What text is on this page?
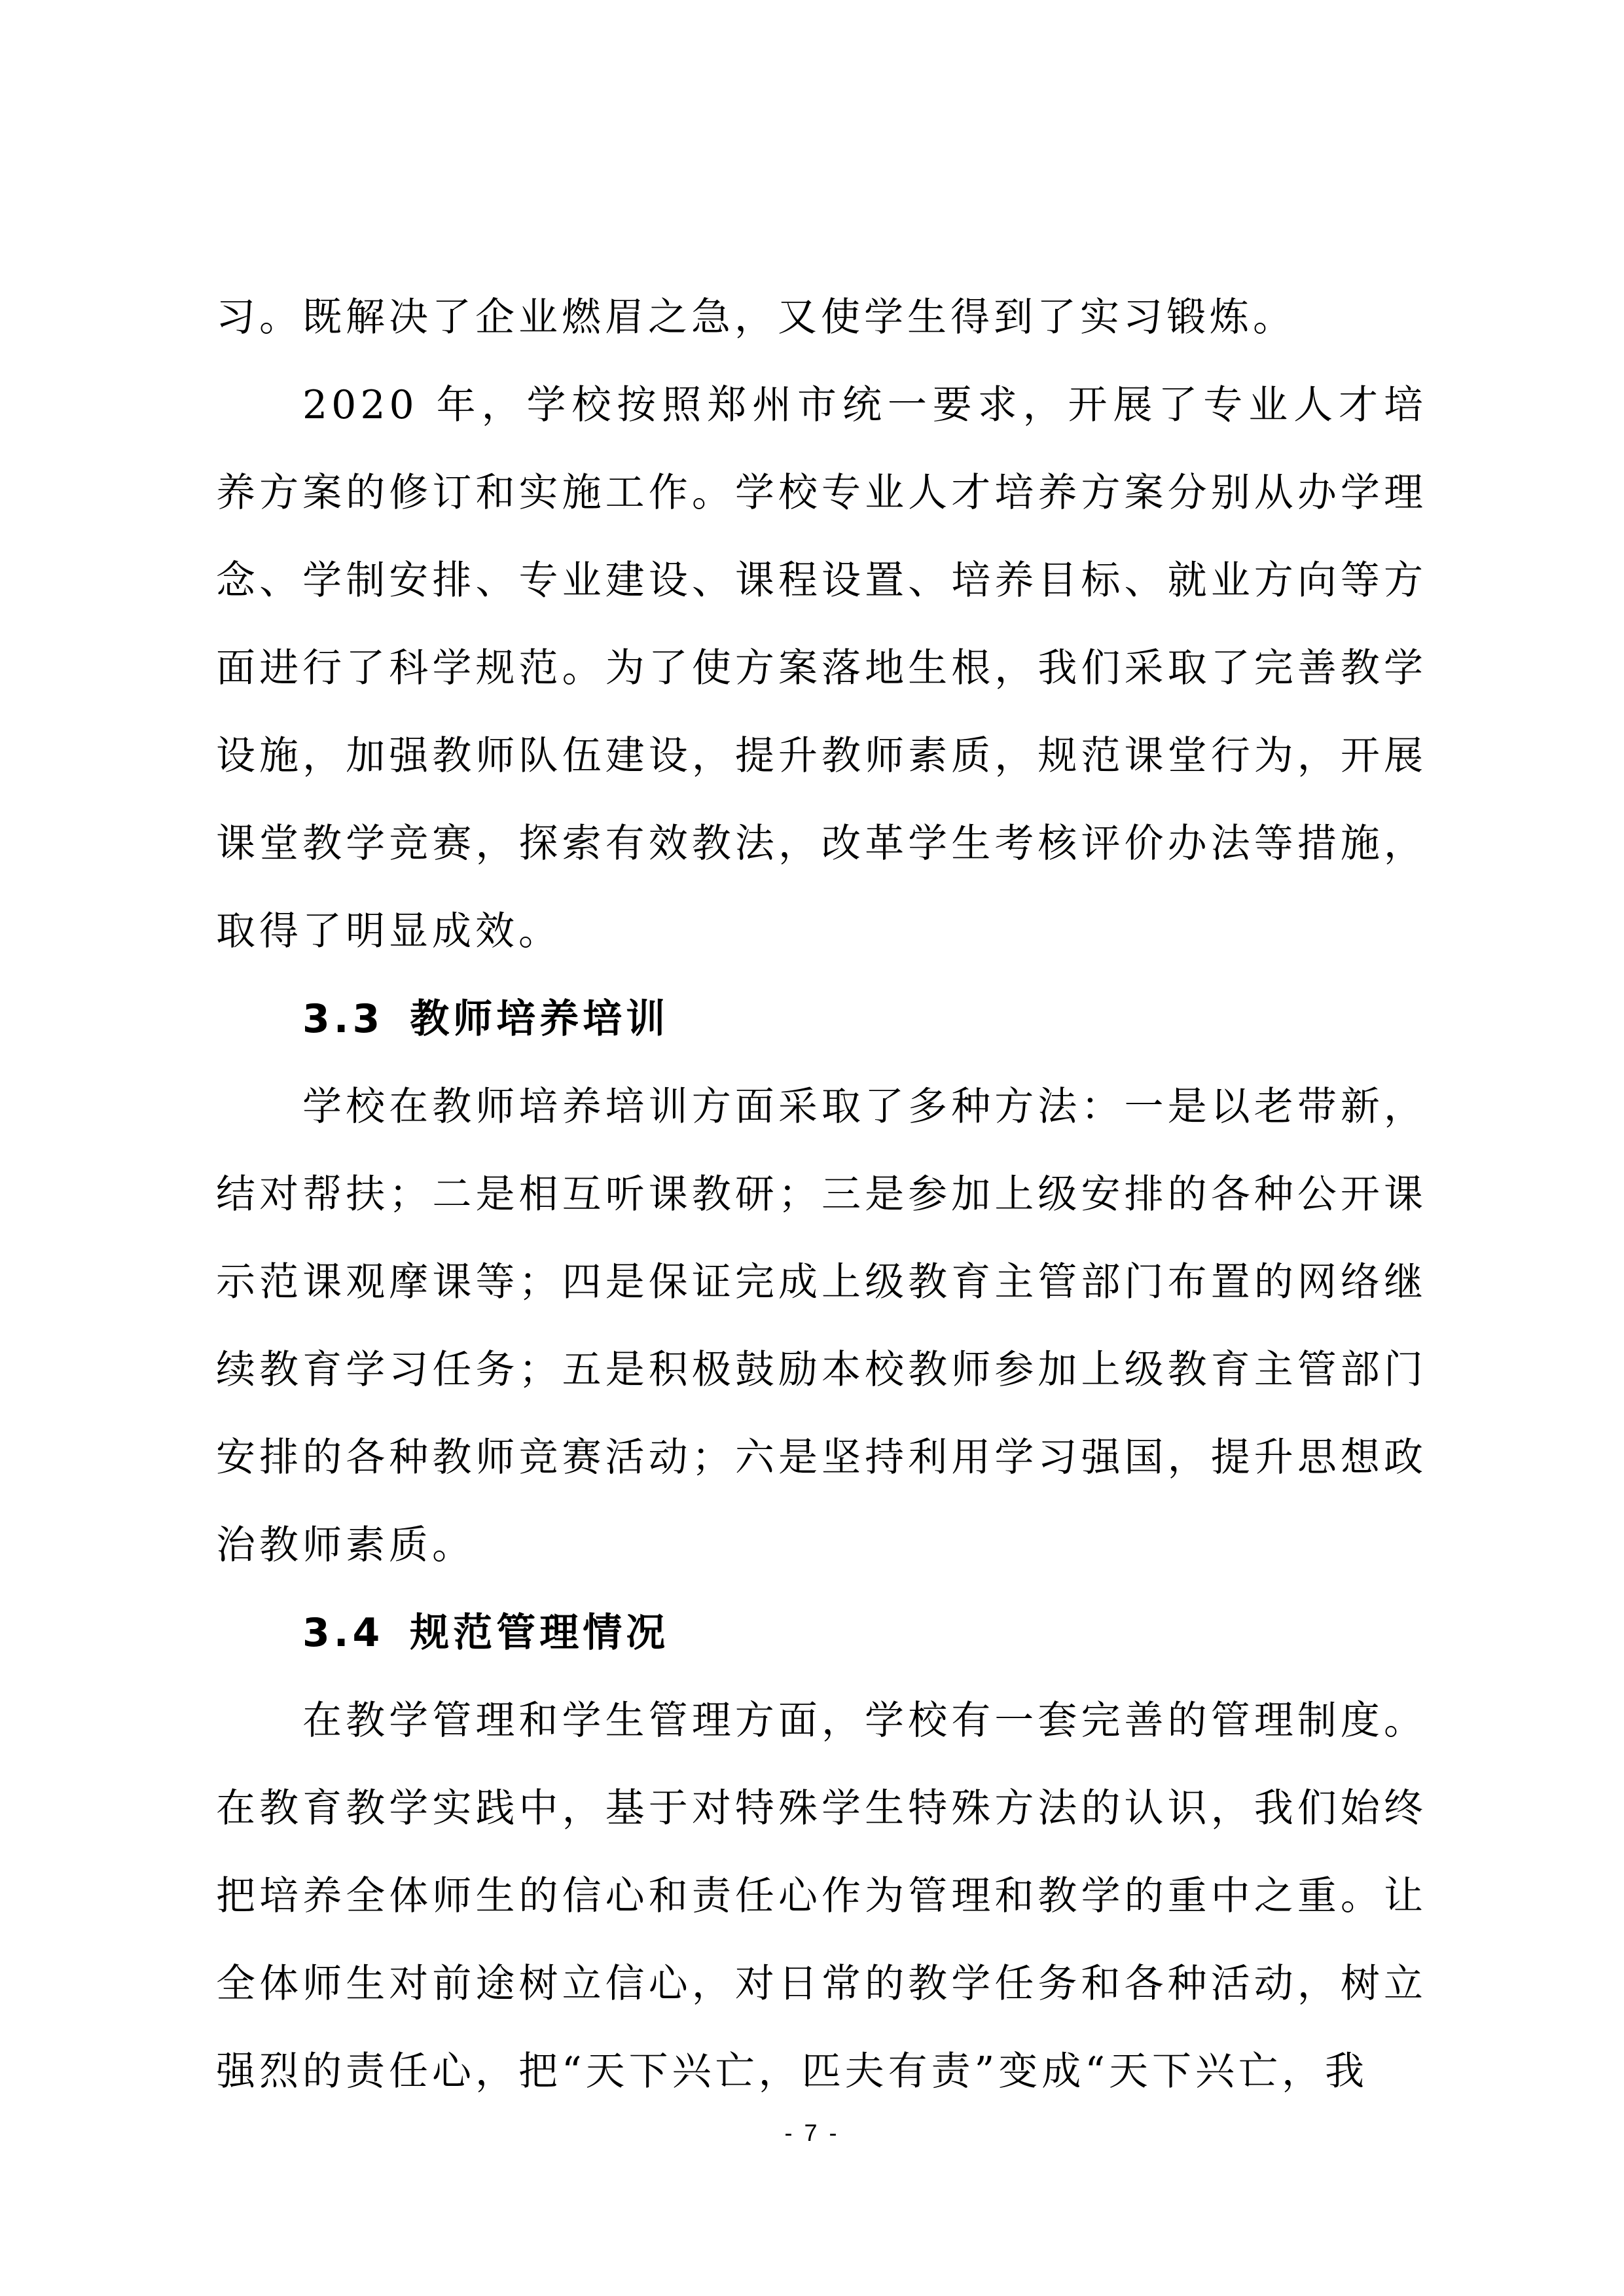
习。既解决了企业燃眉之急，又使学生得到了实习锻炼。

2020 年，学校按照郑州市统一要求，开展了专业人才培养方案的修订和实施工作。学校专业人才培养方案分别从办学理念、学制安排、专业建设、课程设置、培养目标、就业方向等方面进行了科学规范。为了使方案落地生根，我们采取了完善教学设施，加强教师队伍建设，提升教师素质，规范课堂行为，开展课堂教学竞赛，探索有效教法，改革学生考核评价办法等措施，取得了明显成效。

3.3 教师培养培训

学校在教师培养培训方面采取了多种方法：一是以老带新，结对帮扶；二是相互听课教研；三是参加上级安排的各种公开课示范课观摩课等；四是保证完成上级教育主管部门布置的网络继续教育学习任务；五是积极鼓励本校教师参加上级教育主管部门安排的各种教师竞赛活动；六是坚持利用学习强国，提升思想政治教师素质。

3.4 规范管理情况

在教学管理和学生管理方面，学校有一套完善的管理制度。在教育教学实践中，基于对特殊学生特殊方法的认识，我们始终把培养全体师生的信心和责任心作为管理和教学的重中之重。让全体师生对前途树立信心，对日常的教学任务和各种活动，树立强烈的责任心，把“天下兴亡，匹夫有责”变成“天下兴亡，我

- 7 -
